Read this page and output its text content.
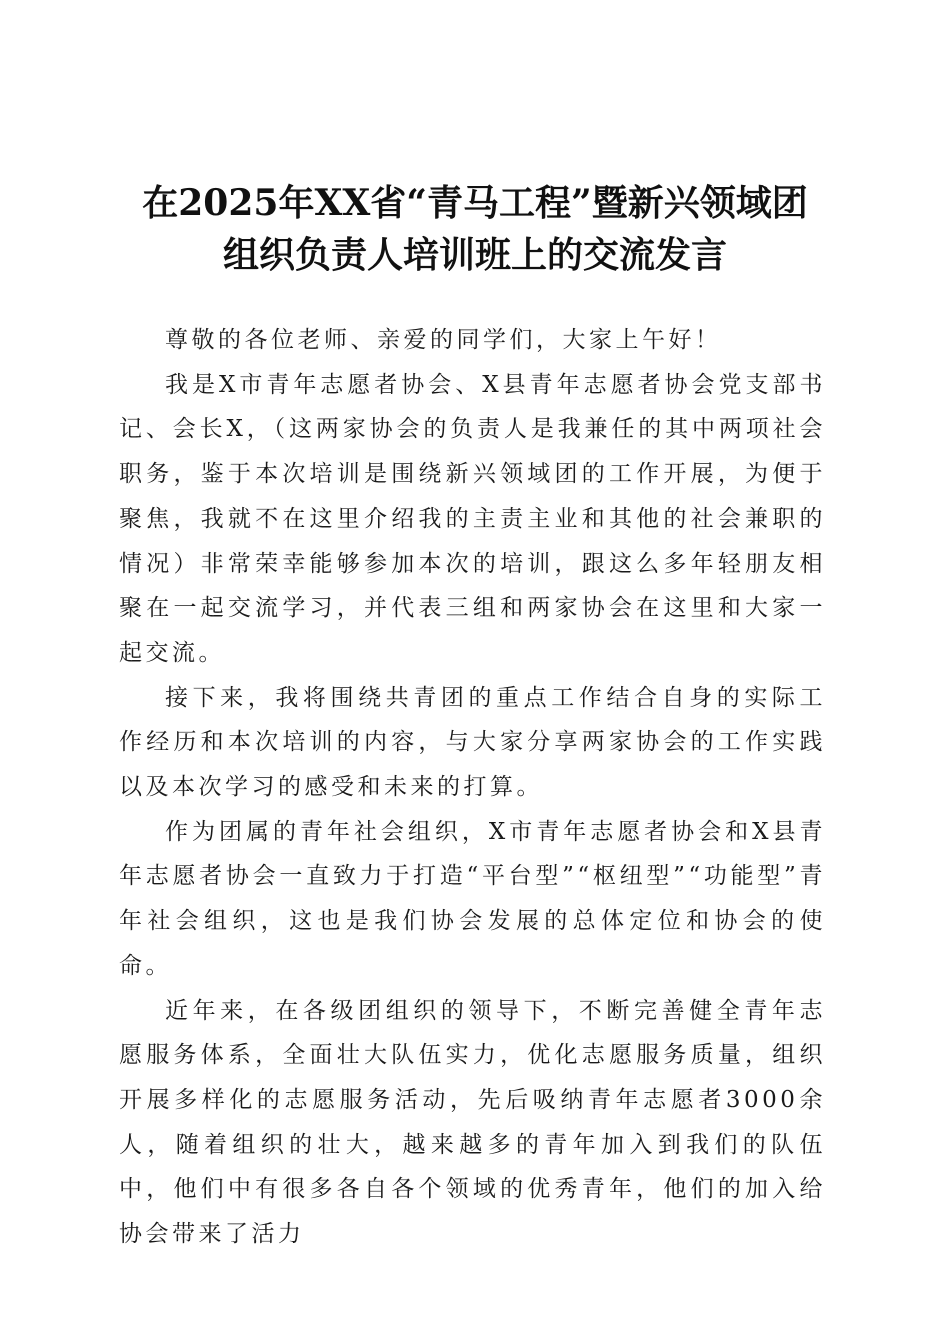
在2025年XX省“青马工程”暨新兴领域团
组织负责人培训班上的交流发言

尊敬的各位老师、亲爱的同学们，大家上午好！

我是X市青年志愿者协会、X县青年志愿者协会党支部书记、会长X，（这两家协会的负责人是我兼任的其中两项社会职务，鉴于本次培训是围绕新兴领域团的工作开展，为便于聚焦，我就不在这里介绍我的主责主业和其他的社会兼职的情况）非常荣幸能够参加本次的培训，跟这么多年轻朋友相聚在一起交流学习，并代表三组和两家协会在这里和大家一起交流。

接下来，我将围绕共青团的重点工作结合自身的实际工作经历和本次培训的内容，与大家分享两家协会的工作实践以及本次学习的感受和未来的打算。

作为团属的青年社会组织，X市青年志愿者协会和X县青年志愿者协会一直致力于打造“平台型”“枢纽型”“功能型”青年社会组织，这也是我们协会发展的总体定位和协会的使命。

近年来，在各级团组织的领导下，不断完善健全青年志愿服务体系，全面壮大队伍实力，优化志愿服务质量，组织开展多样化的志愿服务活动，先后吸纳青年志愿者3000余人，随着组织的壮大，越来越多的青年加入到我们的队伍中，他们中有很多各自各个领域的优秀青年，他们的加入给协会带来了活力
